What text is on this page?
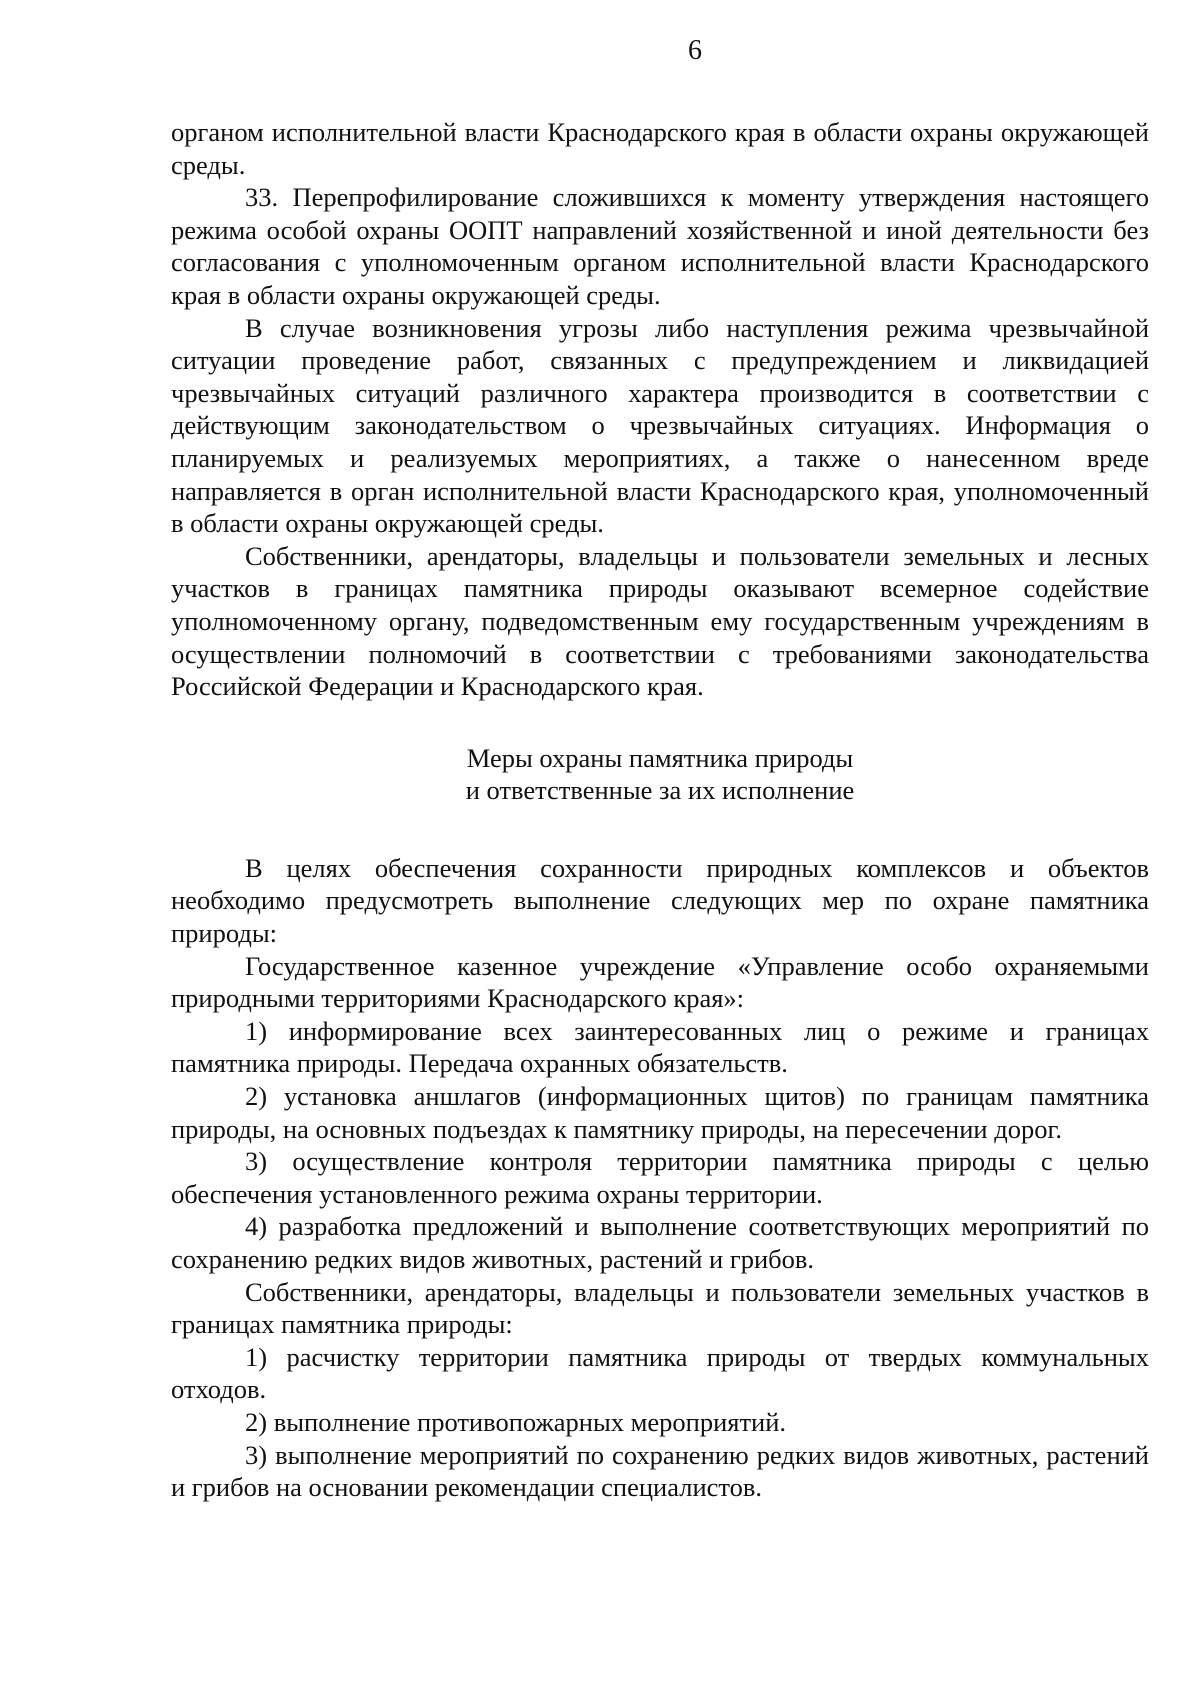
6

органом исполнительной власти Краснодарского края в области охраны окружающей среды.

33. Перепрофилирование сложившихся к моменту утверждения настоящего режима особой охраны ООПТ направлений хозяйственной и иной деятельности без согласования с уполномоченным органом исполнительной власти Краснодарского края в области охраны окружающей среды.

В случае возникновения угрозы либо наступления режима чрезвычайной ситуации проведение работ, связанных с предупреждением и ликвидацией чрезвычайных ситуаций различного характера производится в соответствии с действующим законодательством о чрезвычайных ситуациях. Информация о планируемых и реализуемых мероприятиях, а также о нанесенном вреде направляется в орган исполнительной власти Краснодарского края, уполномоченный в области охраны окружающей среды.

Собственники, арендаторы, владельцы и пользователи земельных и лесных участков в границах памятника природы оказывают всемерное содействие уполномоченному органу, подведомственным ему государственным учреждениям в осуществлении полномочий в соответствии с требованиями законодательства Российской Федерации и Краснодарского края.

Меры охраны памятника природы
и ответственные за их исполнение

В целях обеспечения сохранности природных комплексов и объектов необходимо предусмотреть выполнение следующих мер по охране памятника природы:

Государственное казенное учреждение «Управление особо охраняемыми природными территориями Краснодарского края»:

1) информирование всех заинтересованных лиц о режиме и границах памятника природы. Передача охранных обязательств.

2) установка аншлагов (информационных щитов) по границам памятника природы, на основных подъездах к памятнику природы, на пересечении дорог.

3) осуществление контроля территории памятника природы с целью обеспечения установленного режима охраны территории.

4) разработка предложений и выполнение соответствующих мероприятий по сохранению редких видов животных, растений и грибов.

Собственники, арендаторы, владельцы и пользователи земельных участков в границах памятника природы:

1) расчистку территории памятника природы от твердых коммунальных отходов.

2) выполнение противопожарных мероприятий.

3) выполнение мероприятий по сохранению редких видов животных, растений и грибов на основании рекомендации специалистов.
